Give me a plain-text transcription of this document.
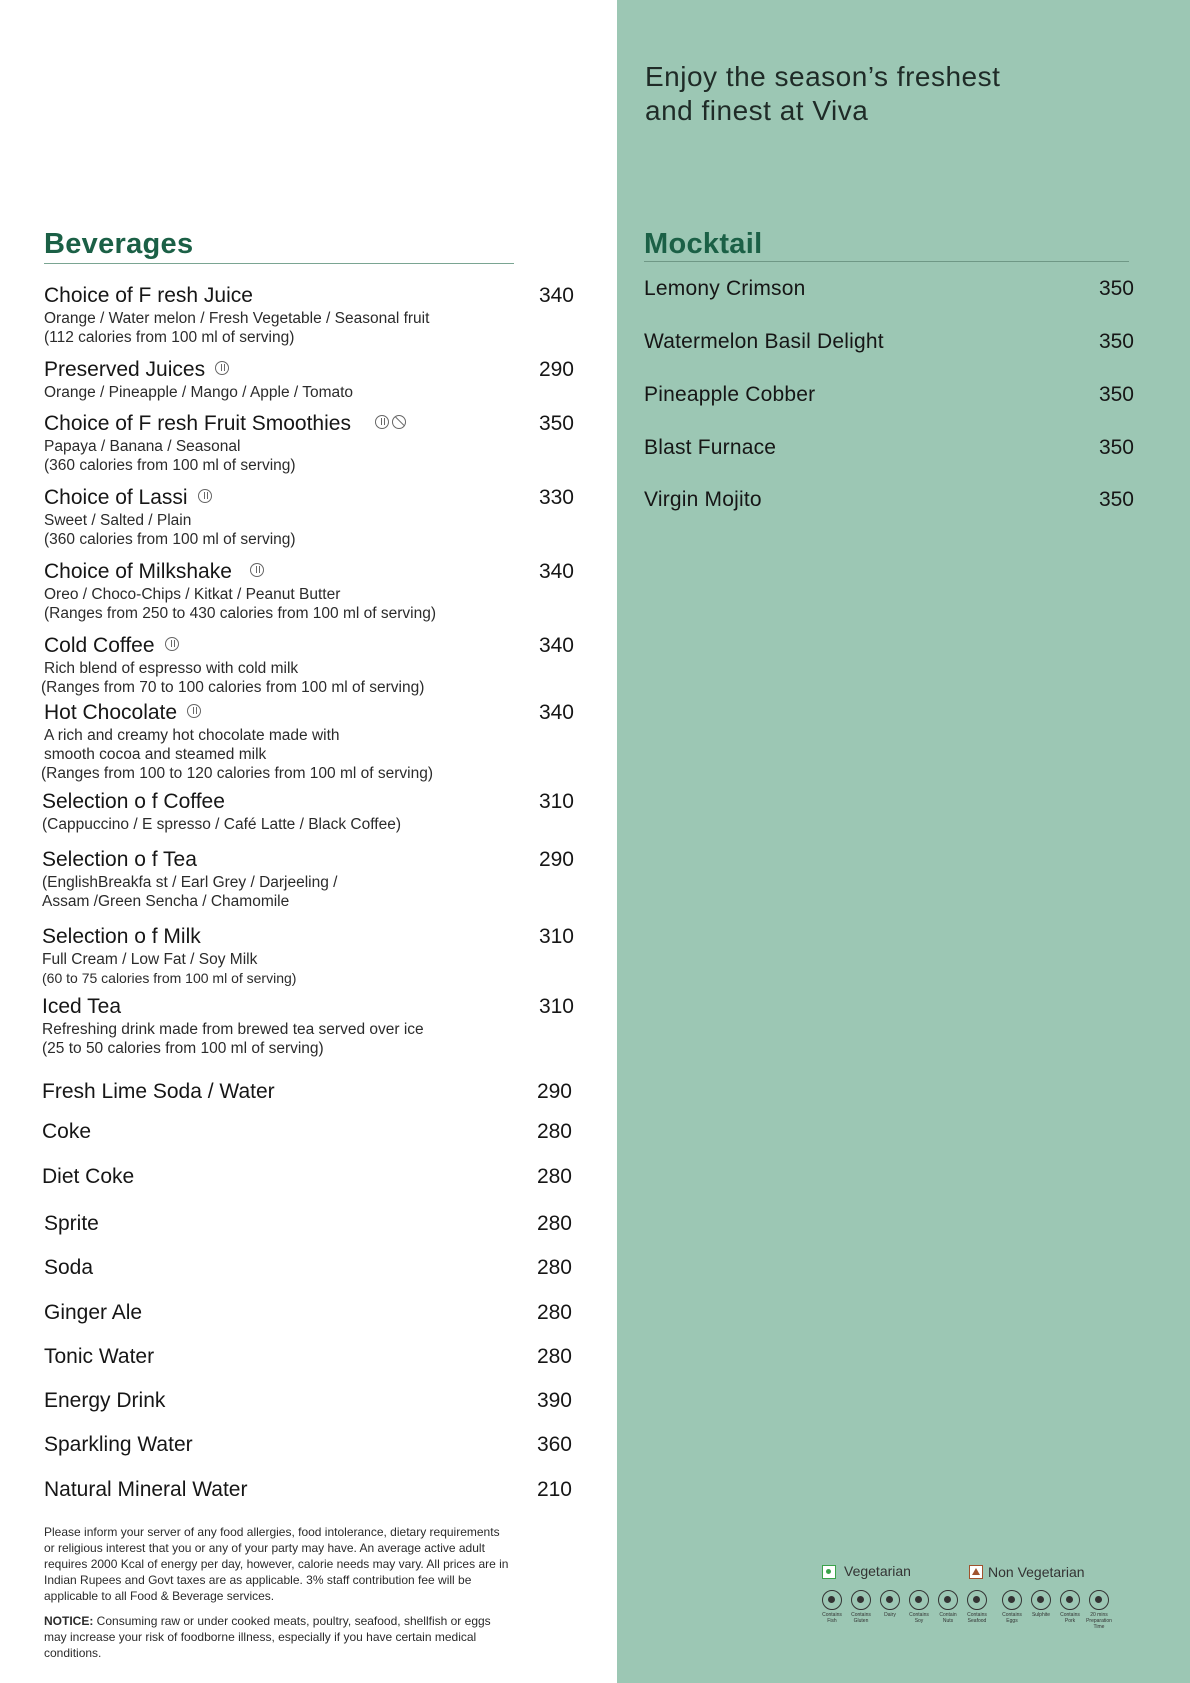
Enjoy the season’s freshest
and finest at Viva
Beverages
Choice of F resh Juice	340
Orange / Water melon / Fresh Vegetable / Seasonal fruit
(112 calories from 100 ml of serving)
Preserved Juices	290
Orange / Pineapple / Mango / Apple / Tomato
Choice of F resh Fruit Smoothies	350
Papaya / Banana / Seasonal
(360 calories from 100 ml of serving)
Choice of Lassi	330
Sweet / Salted / Plain
(360 calories from 100 ml of serving)
Choice of Milkshake	340
Oreo / Choco-Chips / Kitkat / Peanut Butter
(Ranges from 250 to 430 calories from 100 ml of serving)
Cold Coffee	340
Rich blend of espresso with cold milk
(Ranges from 70 to 100 calories from 100 ml of serving)
Hot Chocolate	340
A rich and creamy hot chocolate made with
smooth cocoa and steamed milk
(Ranges from 100 to 120 calories from 100 ml of serving)
Selection o f Coffee	310
(Cappuccino / E spresso / Café Latte / Black Coffee)
Selection o f Tea	290
(EnglishBreakfa st / Earl Grey / Darjeeling /
Assam /Green Sencha / Chamomile
Selection o f Milk	310
Full Cream / Low Fat / Soy Milk
(60 to 75 calories from 100 ml of serving)
Iced Tea	310
Refreshing drink made from brewed tea served over ice
(25 to 50 calories from 100 ml of serving)
Fresh Lime Soda / Water	290
Coke	280
Diet Coke	280
Sprite	280
Soda	280
Ginger Ale	280
Tonic Water	280
Energy Drink	390
Sparkling Water	360
Natural Mineral Water	210
Mocktail
Lemony Crimson	350
Watermelon Basil Delight	350
Pineapple Cobber	350
Blast Furnace	350
Virgin Mojito	350
Please inform your server of any food allergies, food intolerance, dietary requirements
or religious interest that you or any of your party may have. An average active adult
requires 2000 Kcal of energy per day, however, calorie needs may vary. All prices are in
Indian Rupees and Govt taxes are as applicable. 3% staff contribution fee will be
applicable to all Food & Beverage services.
NOTICE: Consuming raw or under cooked meats, poultry, seafood, shellfish or eggs
may increase your risk of foodborne illness, especially if you have certain medical
conditions.
Vegetarian	Non Vegetarian
Contains Fish
Contains Gluten
Dairy	Contains Soy
Contain Nuts
Contains Seafood
Contains Eggs
Sulphite	Contains Pork
20 mins Preparation Time
